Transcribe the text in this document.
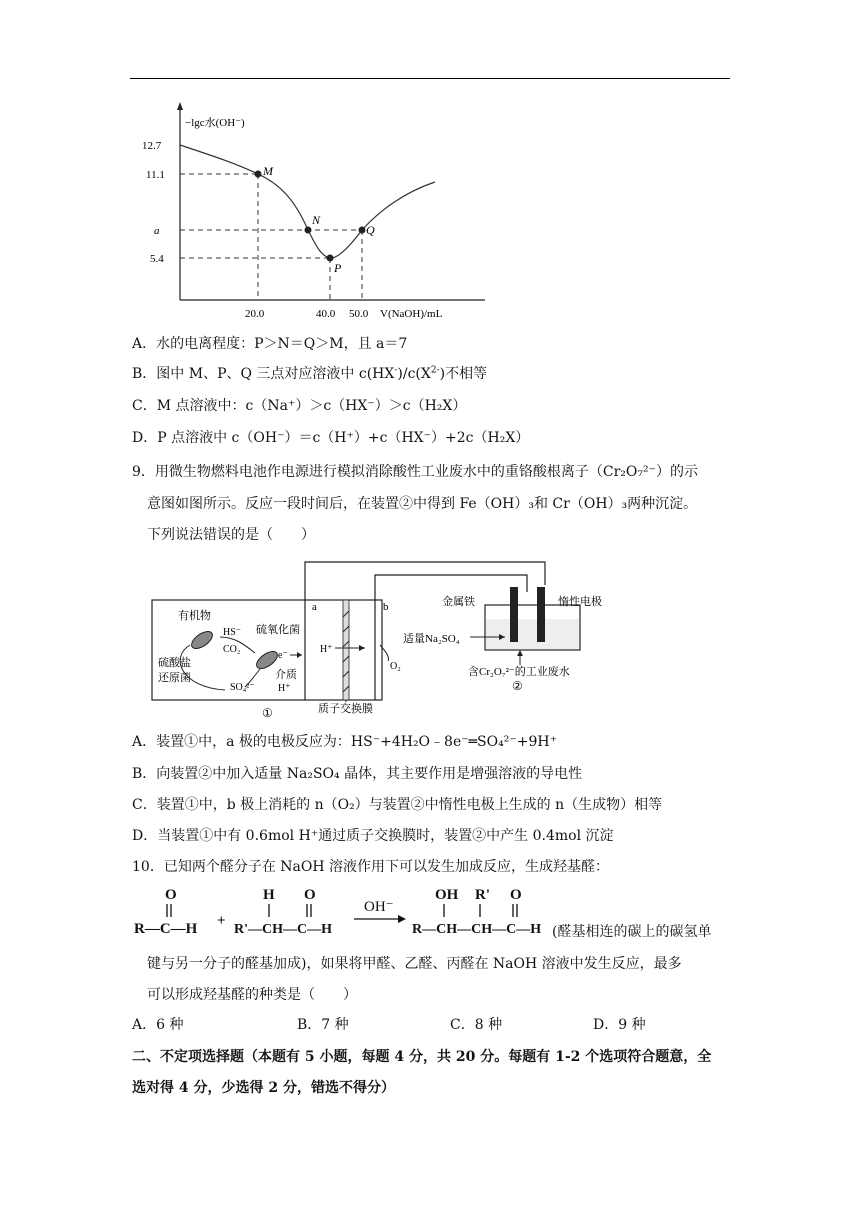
M
N
P
Q
−lgc水(OH⁻)
12.7
11.1
a
5.4
20.0	40.0 50.0 V(NaOH)/mL
A．水的电离程度：P＞N＝Q＞M，且 a＝7
B．图中 M、P、Q 三点对应溶液中 $c(HX^-)/c(X^{2-})$不相等
C．M 点溶液中：c（Na⁺）＞c（HX⁻）＞c（H₂X）
D．P 点溶液中 c（OH⁻）＝c（H⁺）+c（HX⁻）+2c（H₂X）
9．用微生物燃料电池作电源进行模拟消除酸性工业废水中的重铬酸根离子（Cr₂O₇²⁻）的示
意图如图所示。反应一段时间后，在装置②中得到 Fe（OH）₃和 Cr（OH）₃两种沉淀。
下列说法错误的是（　　）
a	b
有机物
HS⁻
CO₂
硫氧化菌
硫酸盐
还原菌
SO₄²⁻
e⁻
介质
H⁺
H⁺
O₂
①	质子交换膜
金属铁	惰性电极
适量Na₂SO₄
含Cr₂O₇²⁻的工业废水
②
A．装置①中，a 极的电极反应为：HS⁻+4H₂O﹣8e⁻═SO₄²⁻+9H⁺
B．向装置②中加入适量 Na₂SO₄ 晶体，其主要作用是增强溶液的导电性
C．装置①中，b 极上消耗的 n（O₂）与装置②中惰性电极上生成的 n（生成物）相等
D．当装置①中有 0.6mol H⁺通过质子交换膜时，装置②中产生 0.4mol 沉淀
10．已知两个醛分子在 NaOH 溶液作用下可以发生加成反应，生成羟基醛：
O
R—C—H +
H O
R'—CH—C—H
OH⁻
OH R' O
R—CH—CH—C—H (醛基相连的碳上的碳氢单
键与另一分子的醛基加成)，如果将甲醛、乙醛、丙醛在 NaOH 溶液中发生反应，最多
可以形成羟基醛的种类是（　　）
A．6 种	B．7 种	C．8 种	D．9 种
二、不定项选择题（本题有 5 小题，每题 4 分，共 20 分。每题有 1-2 个选项符合题意，全
选对得 4 分，少选得 2 分，错选不得分）
